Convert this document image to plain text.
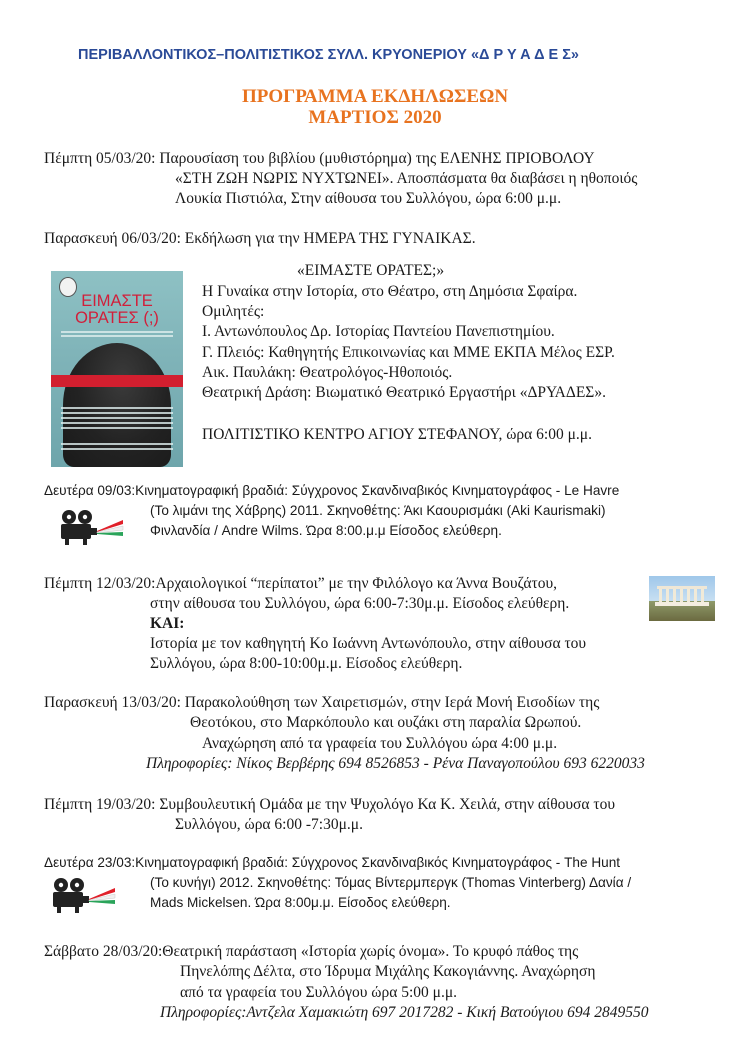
ΠΕΡΙΒΑΛΛΟΝΤΙΚΟΣ–ΠΟΛΙΤΙΣΤΙΚΟΣ ΣΥΛΛ. ΚΡΥΟΝΕΡΙΟΥ «Δ Ρ Υ Α Δ Ε Σ»
ΠΡΟΓΡΑΜΜΑ ΕΚΔΗΛΩΣΕΩΝ
ΜΑΡΤΙΟΣ 2020
Πέμπτη 05/03/20: Παρουσίαση του βιβλίου (μυθιστόρημα) της ΕΛΕΝΗΣ ΠΡΙΟΒΟΛΟΥ
«ΣΤΗ ΖΩΗ ΝΩΡΙΣ ΝΥΧΤΩΝΕΙ». Αποσπάσματα θα διαβάσει η ηθοποιός
Λουκία Πιστιόλα, Στην αίθουσα του Συλλόγου, ώρα 6:00 μ.μ.
Παρασκευή 06/03/20: Εκδήλωση για την ΗΜΕΡΑ ΤΗΣ ΓΥΝΑΙΚΑΣ.
ΕΙΜΑΣΤΕ
ΟΡΑΤΕΣ (;)
«ΕΙΜΑΣΤΕ ΟΡΑΤΕΣ;»
Η Γυναίκα στην Ιστορία, στο Θέατρο, στη Δημόσια Σφαίρα.
Ομιλητές:
Ι. Αντωνόπουλος Δρ. Ιστορίας Παντείου Πανεπιστημίου.
Γ. Πλειός: Καθηγητής Επικοινωνίας και ΜΜΕ ΕΚΠΑ Μέλος ΕΣΡ.
Αικ. Παυλάκη: Θεατρολόγος-Ηθοποιός.
Θεατρική Δράση: Βιωματικό Θεατρικό Εργαστήρι «ΔΡΥΑΔΕΣ».
ΠΟΛΙΤΙΣΤΙΚΟ ΚΕΝΤΡΟ ΑΓΙΟΥ ΣΤΕΦΑΝΟΥ, ώρα 6:00 μ.μ.
Δευτέρα 09/03:Κινηματογραφική βραδιά: Σύγχρονος Σκανδιναβικός Κινηματογράφος - Le Havre
(Το λιμάνι της Χάβρης) 2011. Σκηνοθέτης: Άκι Καουρισμάκι (Aki Kaurismaki)
Φινλανδία / Andre Wilms. Ώρα 8:00.μ.μ Είσοδος ελεύθερη.
Πέμπτη 12/03/20:Αρχαιολογικοί “περίπατοι” με την Φιλόλογο κα Άννα Βουζάτου,
στην αίθουσα του Συλλόγου, ώρα 6:00-7:30μ.μ. Είσοδος ελεύθερη.
ΚΑΙ:
Ιστορία με τον καθηγητή Κο Ιωάννη Αντωνόπουλο, στην αίθουσα του
Συλλόγου, ώρα 8:00-10:00μ.μ. Είσοδος ελεύθερη.
Παρασκευή 13/03/20: Παρακολούθηση των Χαιρετισμών, στην Ιερά Μονή Εισοδίων της
Θεοτόκου, στο Μαρκόπουλο και ουζάκι στη παραλία Ωρωπού.
Αναχώρηση από τα γραφεία του Συλλόγου ώρα 4:00 μ.μ.
Πληροφορίες: Νίκος Βερβέρης 694 8526853 - Ρένα Παναγοπούλου 693 6220033
Πέμπτη 19/03/20: Συμβουλευτική Ομάδα με την Ψυχολόγο Κα Κ. Χειλά, στην αίθουσα του
Συλλόγου, ώρα 6:00 -7:30μ.μ.
Δευτέρα 23/03:Κινηματογραφική βραδιά: Σύγχρονος Σκανδιναβικός Κινηματογράφος - The Hunt
(Το κυνήγι) 2012. Σκηνοθέτης: Τόμας Βίντερμπεργκ (Thomas Vinterberg) Δανία /
Mads Mickelsen. Ώρα 8:00μ.μ. Είσοδος ελεύθερη.
Σάββατο 28/03/20:Θεατρική παράσταση «Ιστορία χωρίς όνομα». Το κρυφό πάθος της
Πηνελόπης Δέλτα, στο Ίδρυμα Μιχάλης Κακογιάννης. Αναχώρηση
από τα γραφεία του Συλλόγου ώρα 5:00 μ.μ.
Πληροφορίες:Αντζελα Χαμακιώτη 697 2017282 - Κική Βατούγιου 694 2849550
